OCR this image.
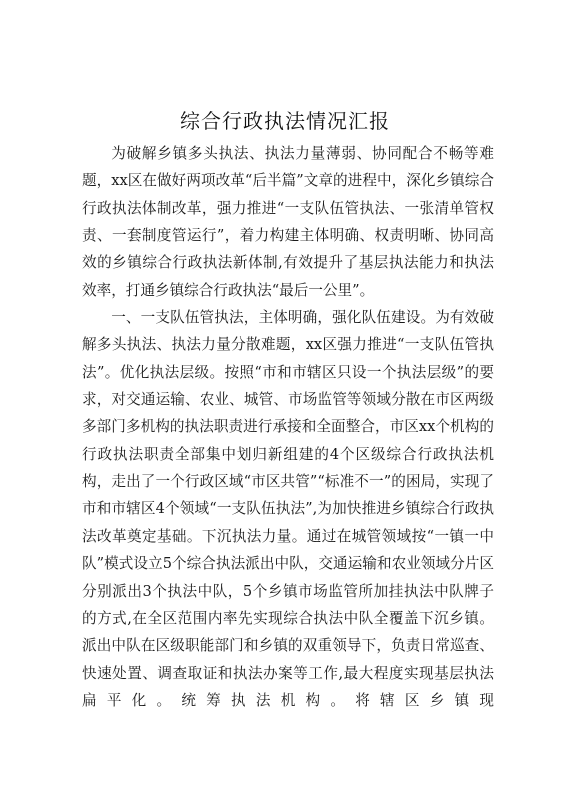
综合行政执法情况汇报

为破解乡镇多头执法、执法力量薄弱、协同配合不畅等难题，xx区在做好两项改革“后半篇”文章的进程中，深化乡镇综合行政执法体制改革，强力推进“一支队伍管执法、一张清单管权责、一套制度管运行”，着力构建主体明确、权责明晰、协同高效的乡镇综合行政执法新体制,有效提升了基层执法能力和执法效率，打通乡镇综合行政执法“最后一公里”。

一、一支队伍管执法，主体明确，强化队伍建设。为有效破解多头执法、执法力量分散难题，xx区强力推进“一支队伍管执法”。优化执法层级。按照“市和市辖区只设一个执法层级”的要求，对交通运输、农业、城管、市场监管等领域分散在市区两级多部门多机构的执法职责进行承接和全面整合，市区xx个机构的行政执法职责全部集中划归新组建的4个区级综合行政执法机构，走出了一个行政区域“市区共管”“标准不一”的困局，实现了市和市辖区4个领域“一支队伍执法”,为加快推进乡镇综合行政执法改革奠定基础。下沉执法力量。通过在城管领域按“一镇一中队”模式设立5个综合执法派出中队，交通运输和农业领域分片区分别派出3个执法中队，5个乡镇市场监管所加挂执法中队牌子的方式,在全区范围内率先实现综合执法中队全覆盖下沉乡镇。派出中队在区级职能部门和乡镇的双重领导下，负责日常巡查、快速处置、调查取证和执法办案等工作,最大程度实现基层执法扁平化。统筹执法机构。将辖区乡镇现
